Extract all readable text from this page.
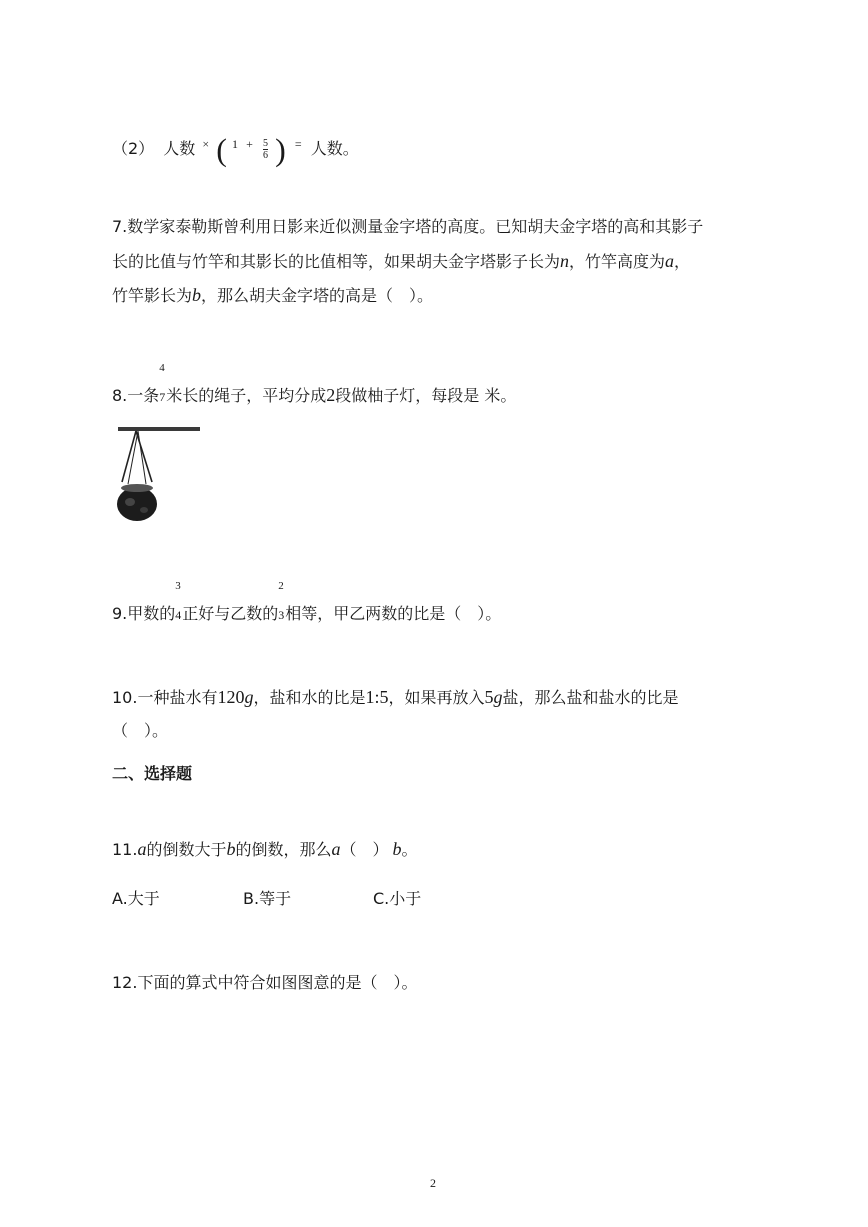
（2） 人数 × ( $^1$ $^+ \frac{5}{6}$ ) = 人数。
7.数学家泰勒斯曾利用日影来近似测量金字塔的高度。已知胡夫金字塔的高和其影子
长的比值与竹竿和其影长的比值相等，如果胡夫金字塔影子长为n，竹竿高度为a，
竹竿影长为b，那么胡夫金字塔的高是（　）。
8.一条
4
7 米长的绳子，平均分成2段做柚子灯，每段是 米。
9.甲数的
3
4 正好与乙数的
2
3 相等，甲乙两数的比是（　）。
10.一种盐水有120g，盐和水的比是1:5，如果再放入5g盐，那么盐和盐水的比是
（　）。
二、选择题
11.a的倒数大于b的倒数，那么a（　） b。
A.大于	B.等于	C.小于
12.下面的算式中符合如图图意的是（　）。
2
